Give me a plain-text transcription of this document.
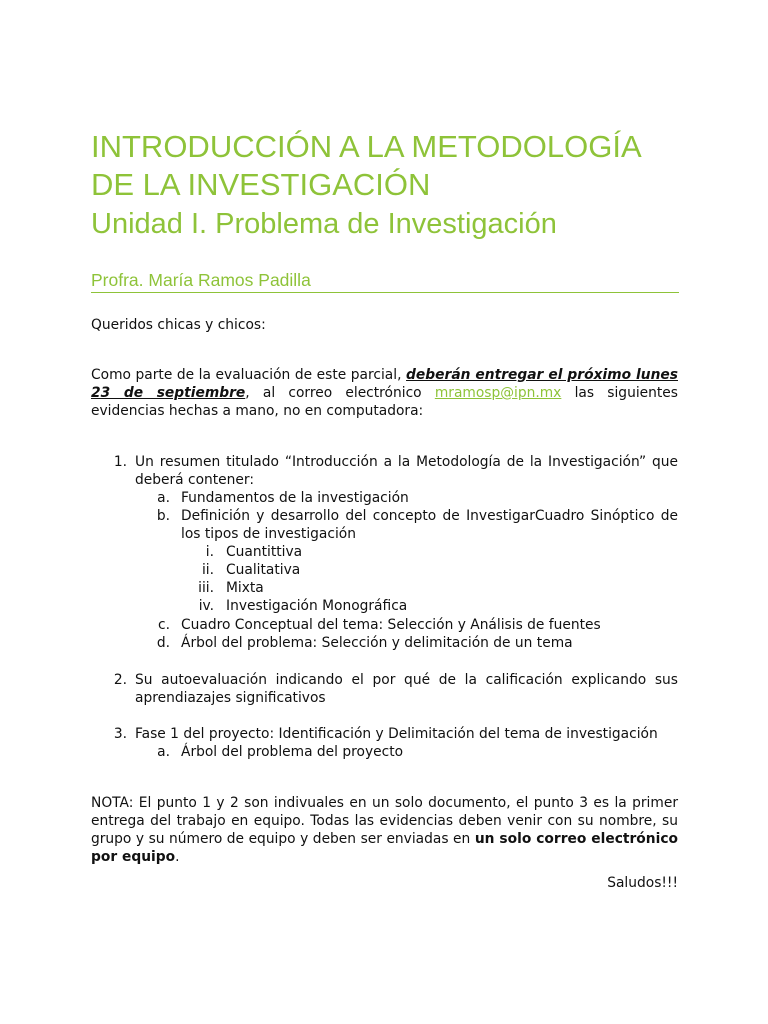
INTRODUCCIÓN A LA METODOLOGÍA DE LA INVESTIGACIÓN
Unidad I. Problema de Investigación
Profra. María Ramos Padilla
Queridos chicas y chicos:
Como parte de la evaluación de este parcial, deberán entregar el próximo lunes 23 de septiembre, al correo electrónico mramosp@ipn.mx las siguientes evidencias hechas a mano, no en computadora:
1. Un resumen titulado “Introducción a la Metodología de la Investigación” que deberá contener:
a. Fundamentos de la investigación
b. Definición y desarrollo del concepto de InvestigarCuadro Sinóptico de los tipos de investigación
i. Cuantittiva
ii. Cualitativa
iii. Mixta
iv. Investigación Monográfica
c. Cuadro Conceptual del tema: Selección y Análisis de fuentes
d. Árbol del problema: Selección y delimitación de un tema
2. Su autoevaluación indicando el por qué de la calificación explicando sus aprendiazajes significativos
3. Fase 1 del proyecto: Identificación y Delimitación del tema de investigación
a. Árbol del problema del proyecto
NOTA: El punto 1 y 2 son indivuales en un solo documento, el punto 3 es la primer entrega del trabajo en equipo. Todas las evidencias deben venir con su nombre, su grupo y su número de equipo y deben ser enviadas en un solo correo electrónico por equipo.
Saludos!!!
